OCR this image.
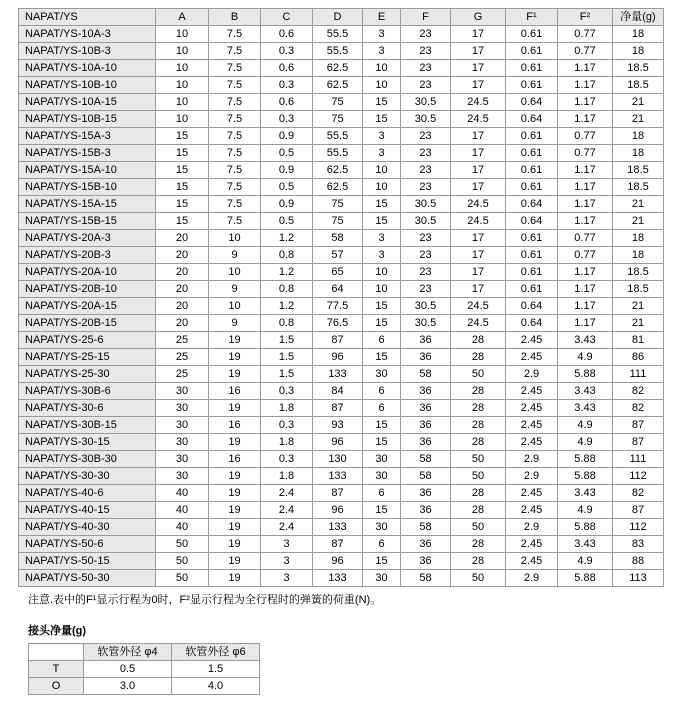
NAPAT/YS	A	B	C	D	E	F	G	F¹	F²	净量(g)
NAPAT/YS-10A-3	10	7.5	0.6	55.5	3	23	17	0.61	0.77	18
NAPAT/YS-10B-3	10	7.5	0.3	55.5	3	23	17	0.61	0.77	18
NAPAT/YS-10A-10	10	7.5	0.6	62.5	10	23	17	0.61	1.17	18.5
NAPAT/YS-10B-10	10	7.5	0.3	62.5	10	23	17	0.61	1.17	18.5
NAPAT/YS-10A-15	10	7.5	0.6	75	15	30.5	24.5	0.64	1.17	21
NAPAT/YS-10B-15	10	7.5	0.3	75	15	30.5	24.5	0.64	1.17	21
NAPAT/YS-15A-3	15	7.5	0.9	55.5	3	23	17	0.61	0.77	18
NAPAT/YS-15B-3	15	7.5	0.5	55.5	3	23	17	0.61	0.77	18
NAPAT/YS-15A-10	15	7.5	0.9	62.5	10	23	17	0.61	1.17	18.5
NAPAT/YS-15B-10	15	7.5	0.5	62.5	10	23	17	0.61	1.17	18.5
NAPAT/YS-15A-15	15	7.5	0.9	75	15	30.5	24.5	0.64	1.17	21
NAPAT/YS-15B-15	15	7.5	0.5	75	15	30.5	24.5	0.64	1.17	21
NAPAT/YS-20A-3	20	10	1.2	58	3	23	17	0.61	0.77	18
NAPAT/YS-20B-3	20	9	0.8	57	3	23	17	0.61	0.77	18
NAPAT/YS-20A-10	20	10	1.2	65	10	23	17	0.61	1.17	18.5
NAPAT/YS-20B-10	20	9	0.8	64	10	23	17	0.61	1.17	18.5
NAPAT/YS-20A-15	20	10	1.2	77.5	15	30.5	24.5	0.64	1.17	21
NAPAT/YS-20B-15	20	9	0.8	76.5	15	30.5	24.5	0.64	1.17	21
NAPAT/YS-25-6	25	19	1.5	87	6	36	28	2.45	3.43	81
NAPAT/YS-25-15	25	19	1.5	96	15	36	28	2.45	4.9	86
NAPAT/YS-25-30	25	19	1.5	133	30	58	50	2.9	5.88	111
NAPAT/YS-30B-6	30	16	0.3	84	6	36	28	2.45	3.43	82
NAPAT/YS-30-6	30	19	1.8	87	6	36	28	2.45	3.43	82
NAPAT/YS-30B-15	30	16	0.3	93	15	36	28	2.45	4.9	87
NAPAT/YS-30-15	30	19	1.8	96	15	36	28	2.45	4.9	87
NAPAT/YS-30B-30	30	16	0.3	130	30	58	50	2.9	5.88	111
NAPAT/YS-30-30	30	19	1.8	133	30	58	50	2.9	5.88	112
NAPAT/YS-40-6	40	19	2.4	87	6	36	28	2.45	3.43	82
NAPAT/YS-40-15	40	19	2.4	96	15	36	28	2.45	4.9	87
NAPAT/YS-40-30	40	19	2.4	133	30	58	50	2.9	5.88	112
NAPAT/YS-50-6	50	19	3	87	6	36	28	2.45	3.43	83
NAPAT/YS-50-15	50	19	3	96	15	36	28	2.45	4.9	88
NAPAT/YS-50-30	50	19	3	133	30	58	50	2.9	5.88	113
注意.表中的F¹显示行程为0时，F²显示行程为全行程时的弹簧的荷重(N)。
接头净量(g)
	软管外径 φ4	软管外径 φ6
T	0.5	1.5
O	3.0	4.0
